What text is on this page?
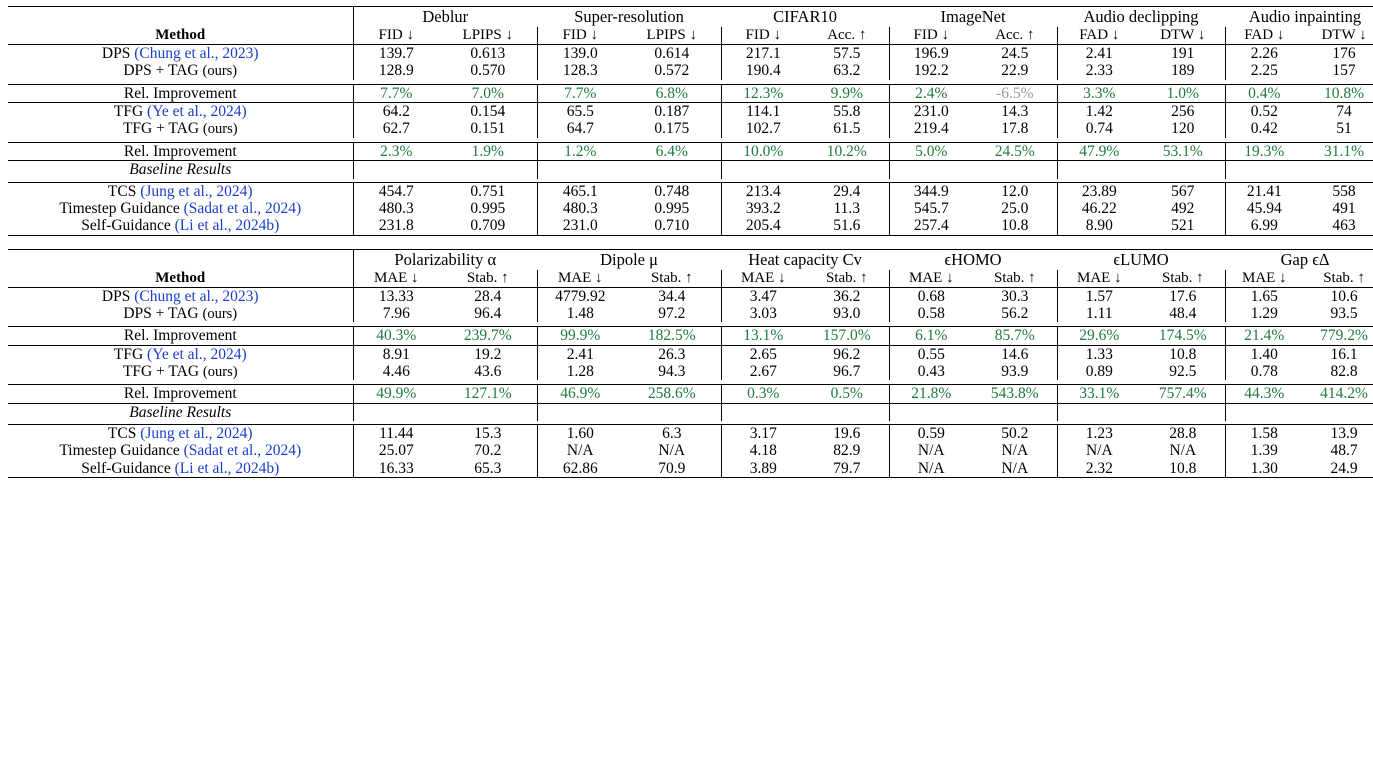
	Deblur		Super-resolution		CIFAR10		ImageNet		Audio declipping		Audio inpainting	
Method	FID ↓	LPIPS ↓	FID ↓	LPIPS ↓	FID ↓	Acc. ↑	FID ↓	Acc. ↑	FAD ↓	DTW ↓	FAD ↓	DTW ↓

DPS (Chung et al., 2023)	139.7	0.613	139.0	0.614	217.1	57.5	196.9	24.5	2.41	191	2.26	176
DPS + TAG (ours)	128.9	0.570	128.3	0.572	190.4	63.2	192.2	22.9	2.33	189	2.25	157

Rel. Improvement	7.7%	7.0%	7.7%	6.8%	12.3%	9.9%	2.4%	-6.5%	3.3%	1.0%	0.4%	10.8%

TFG (Ye et al., 2024)	64.2	0.154	65.5	0.187	114.1	55.8	231.0	14.3	1.42	256	0.52	74
TFG + TAG (ours)	62.7	0.151	64.7	0.175	102.7	61.5	219.4	17.8	0.74	120	0.42	51

Rel. Improvement	2.3%	1.9%	1.2%	6.4%	10.0%	10.2%	5.0%	24.5%	47.9%	53.1%	19.3%	31.1%

Baseline Results												

TCS (Jung et al., 2024)	454.7	0.751	465.1	0.748	213.4	29.4	344.9	12.0	23.89	567	21.41	558
Timestep Guidance (Sadat et al., 2024)	480.3	0.995	480.3	0.995	393.2	11.3	545.7	25.0	46.22	492	45.94	491
Self-Guidance (Li et al., 2024b)	231.8	0.709	231.0	0.710	205.4	51.6	257.4	10.8	8.90	521	6.99	463

	Polarizability α		Dipole μ		Heat capacity Cv		ϵHOMO		ϵLUMO		Gap ϵΔ	
Method	MAE ↓	Stab. ↑	MAE ↓	Stab. ↑	MAE ↓	Stab. ↑	MAE ↓	Stab. ↑	MAE ↓	Stab. ↑	MAE ↓	Stab. ↑

DPS (Chung et al., 2023)	13.33	28.4	4779.92	34.4	3.47	36.2	0.68	30.3	1.57	17.6	1.65	10.6
DPS + TAG (ours)	7.96	96.4	1.48	97.2	3.03	93.0	0.58	56.2	1.11	48.4	1.29	93.5

Rel. Improvement	40.3%	239.7%	99.9%	182.5%	13.1%	157.0%	6.1%	85.7%	29.6%	174.5%	21.4%	779.2%

TFG (Ye et al., 2024)	8.91	19.2	2.41	26.3	2.65	96.2	0.55	14.6	1.33	10.8	1.40	16.1
TFG + TAG (ours)	4.46	43.6	1.28	94.3	2.67	96.7	0.43	93.9	0.89	92.5	0.78	82.8

Rel. Improvement	49.9%	127.1%	46.9%	258.6%	0.3%	0.5%	21.8%	543.8%	33.1%	757.4%	44.3%	414.2%

Baseline Results												

TCS (Jung et al., 2024)	11.44	15.3	1.60	6.3	3.17	19.6	0.59	50.2	1.23	28.8	1.58	13.9
Timestep Guidance (Sadat et al., 2024)	25.07	70.2	N/A	N/A	4.18	82.9	N/A	N/A	N/A	N/A	1.39	48.7
Self-Guidance (Li et al., 2024b)	16.33	65.3	62.86	70.9	3.89	79.7	N/A	N/A	2.32	10.8	1.30	24.9
